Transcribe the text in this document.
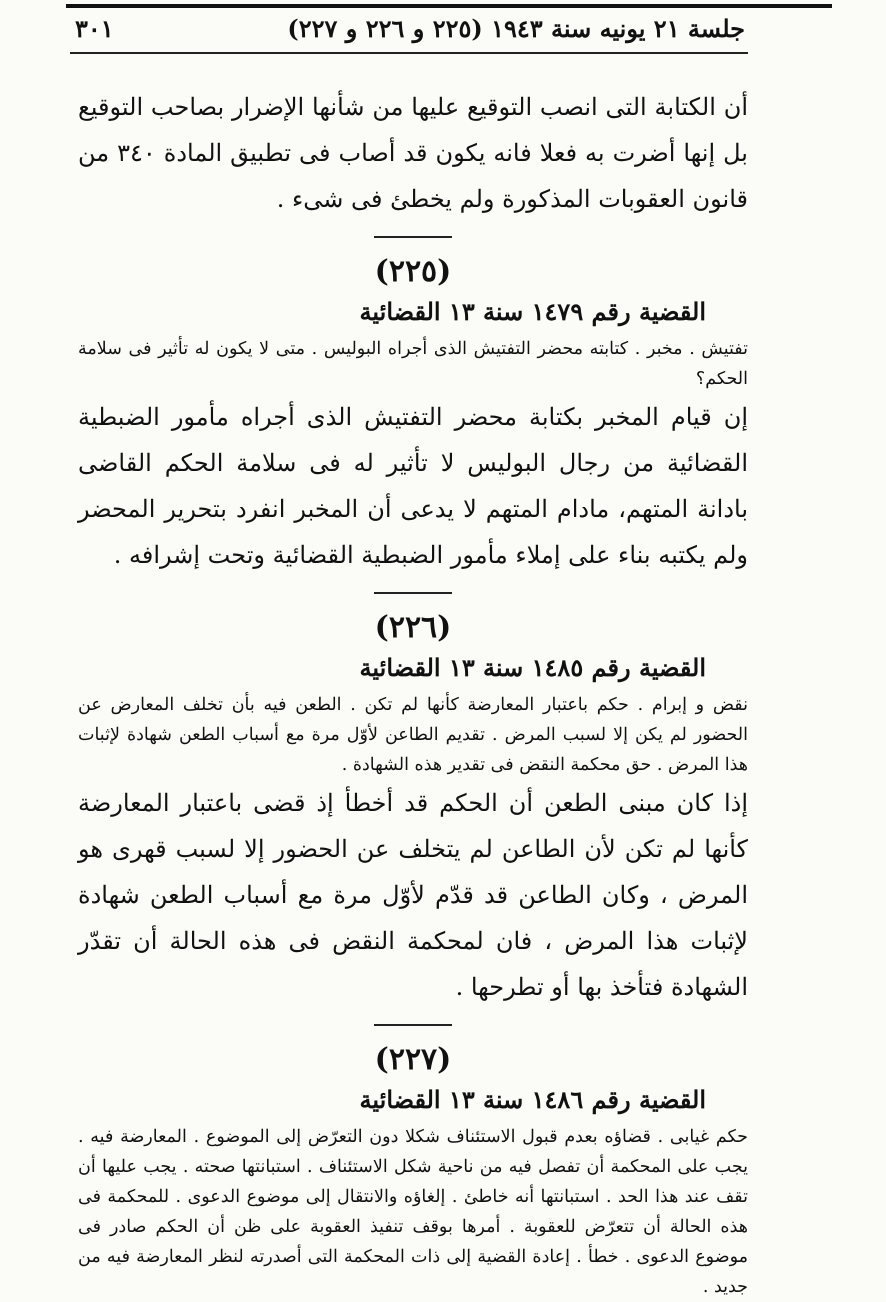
جلسة ٢١ يونيه سنة ١٩٤٣ (٢٢٥ و ٢٢٦ و ٢٢٧)
٣٠١

أن الكتابة التى انصب التوقيع عليها من شأنها الإضرار بصاحب التوقيع بل إنها أضرت به فعلا فانه يكون قد أصاب فى تطبيق المادة ٣٤٠ من قانون العقوبات المذكورة ولم يخطئ فى شىء .

(٢٢٥)

القضية رقم ١٤٧٩ سنة ١٣ القضائية

تفتيش . مخبر . كتابته محضر التفتيش الذى أجراه البوليس . متى لا يكون له تأثير فى سلامة الحكم؟

إن قيام المخبر بكتابة محضر التفتيش الذى أجراه مأمور الضبطية القضائية من رجال البوليس لا تأثير له فى سلامة الحكم القاضى بادانة المتهم، مادام المتهم لا يدعى أن المخبر انفرد بتحرير المحضر ولم يكتبه بناء على إملاء مأمور الضبطية القضائية وتحت إشرافه .

(٢٢٦)

القضية رقم ١٤٨٥ سنة ١٣ القضائية

نقض و إبرام . حكم باعتبار المعارضة كأنها لم تكن . الطعن فيه بأن تخلف المعارض عن الحضور لم يكن إلا لسبب المرض . تقديم الطاعن لأوّل مرة مع أسباب الطعن شهادة لإثبات هذا المرض . حق محكمة النقض فى تقدير هذه الشهادة .

إذا كان مبنى الطعن أن الحكم قد أخطأ إذ قضى باعتبار المعارضة كأنها لم تكن لأن الطاعن لم يتخلف عن الحضور إلا لسبب قهرى هو المرض ، وكان الطاعن قد قدّم لأوّل مرة مع أسباب الطعن شهادة لإثبات هذا المرض ، فان لمحكمة النقض فى هذه الحالة أن تقدّر الشهادة فتأخذ بها أو تطرحها .

(٢٢٧)

القضية رقم ١٤٨٦ سنة ١٣ القضائية

حكم غيابى . قضاؤه بعدم قبول الاستئناف شكلا دون التعرّض إلى الموضوع . المعارضة فيه . يجب على المحكمة أن تفصل فيه من ناحية شكل الاستئناف . استبانتها صحته . يجب عليها أن تقف عند هذا الحد . استبانتها أنه خاطئ . إلغاؤه والانتقال إلى موضوع الدعوى . للمحكمة فى هذه الحالة أن تتعرّض للعقوبة . أمرها بوقف تنفيذ العقوبة على ظن أن الحكم صادر فى موضوع الدعوى . خطأ . إعادة القضية إلى ذات المحكمة التى أصدرته لنظر المعارضة فيه من جديد .
